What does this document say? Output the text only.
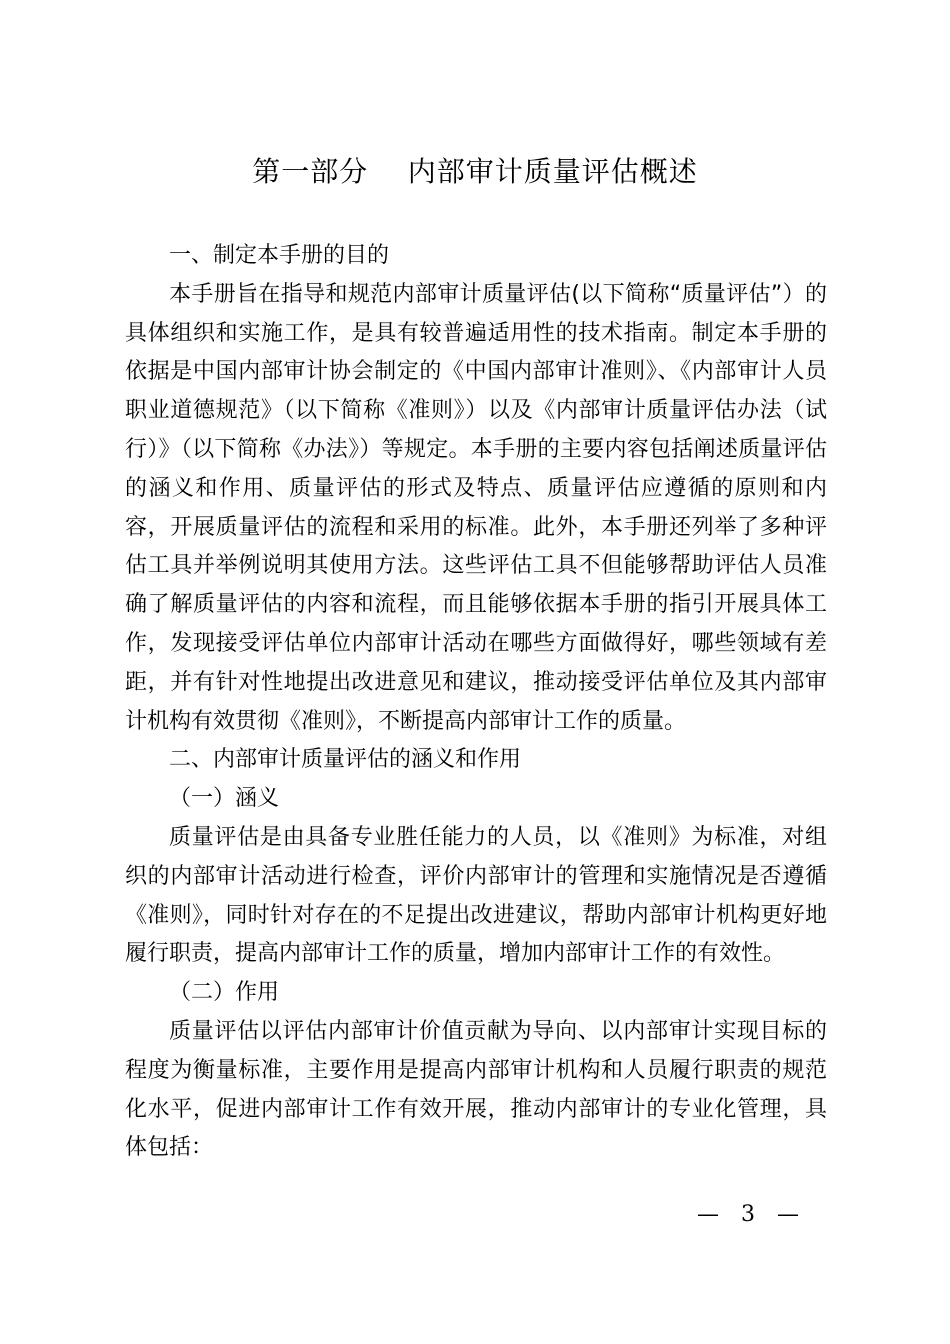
第一部分    内部审计质量评估概述

一、制定本手册的目的

本手册旨在指导和规范内部审计质量评估(以下简称“质量评估”）的具体组织和实施工作，是具有较普遍适用性的技术指南。制定本手册的依据是中国内部审计协会制定的《中国内部审计准则》、《内部审计人员职业道德规范》（以下简称《准则》）以及《内部审计质量评估办法（试行）》（以下简称《办法》）等规定。本手册的主要内容包括阐述质量评估的涵义和作用、质量评估的形式及特点、质量评估应遵循的原则和内容，开展质量评估的流程和采用的标准。此外，本手册还列举了多种评估工具并举例说明其使用方法。这些评估工具不但能够帮助评估人员准确了解质量评估的内容和流程，而且能够依据本手册的指引开展具体工作，发现接受评估单位内部审计活动在哪些方面做得好，哪些领域有差距，并有针对性地提出改进意见和建议，推动接受评估单位及其内部审计机构有效贯彻《准则》，不断提高内部审计工作的质量。

二、内部审计质量评估的涵义和作用

（一）涵义

质量评估是由具备专业胜任能力的人员，以《准则》为标准，对组织的内部审计活动进行检查，评价内部审计的管理和实施情况是否遵循《准则》，同时针对存在的不足提出改进建议，帮助内部审计机构更好地履行职责，提高内部审计工作的质量，增加内部审计工作的有效性。

（二）作用

质量评估以评估内部审计价值贡献为导向、以内部审计实现目标的程度为衡量标准，主要作用是提高内部审计机构和人员履行职责的规范化水平，促进内部审计工作有效开展，推动内部审计的专业化管理，具体包括：

—　3　—
